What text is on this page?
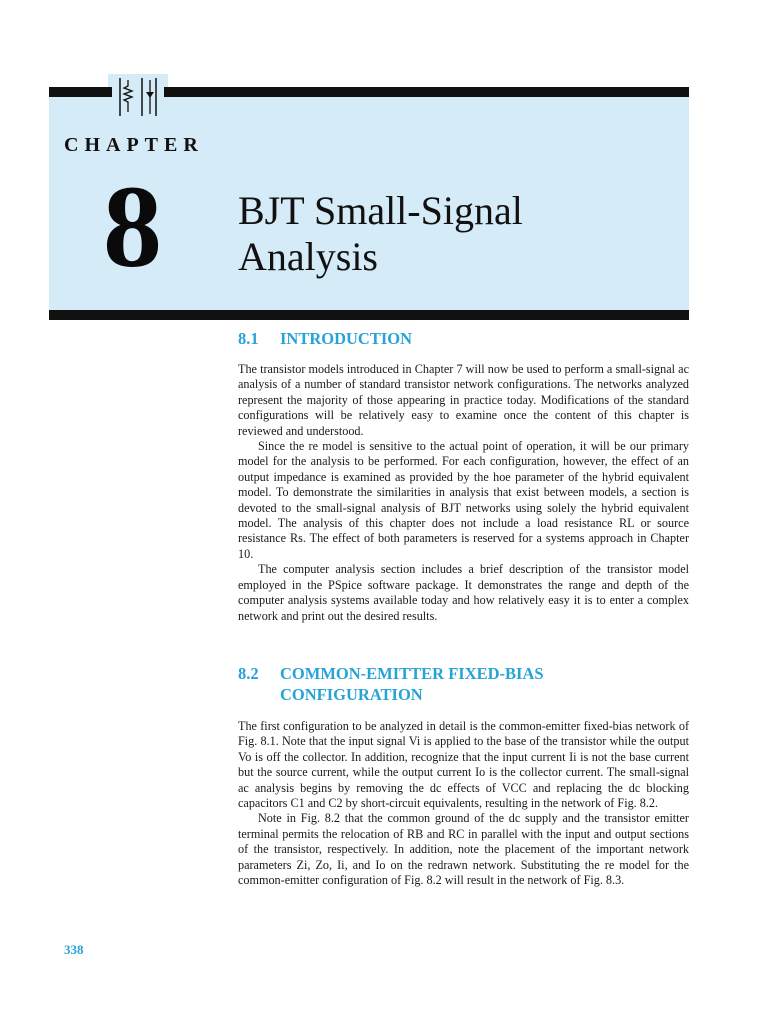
CHAPTER
8 BJT Small-Signal
Analysis
8.1 INTRODUCTION

The transistor models introduced in Chapter 7 will now be used to perform a small-signal ac analysis of a number of standard transistor network configurations. The networks analyzed represent the majority of those appearing in practice today. Modifications of the standard configurations will be relatively easy to examine once the content of this chapter is reviewed and understood.

Since the re model is sensitive to the actual point of operation, it will be our primary model for the analysis to be performed. For each configuration, however, the effect of an output impedance is examined as provided by the hoe parameter of the hybrid equivalent model. To demonstrate the similarities in analysis that exist between models, a section is devoted to the small-signal analysis of BJT networks using solely the hybrid equivalent model. The analysis of this chapter does not include a load resistance RL or source resistance Rs. The effect of both parameters is reserved for a systems approach in Chapter 10.

The computer analysis section includes a brief description of the transistor model employed in the PSpice software package. It demonstrates the range and depth of the computer analysis systems available today and how relatively easy it is to enter a complex network and print out the desired results.

8.2 COMMON-EMITTER FIXED-BIAS
CONFIGURATION

The first configuration to be analyzed in detail is the common-emitter fixed-bias network of Fig. 8.1. Note that the input signal Vi is applied to the base of the transistor while the output Vo is off the collector. In addition, recognize that the input current Ii is not the base current but the source current, while the output current Io is the collector current. The small-signal ac analysis begins by removing the dc effects of VCC and replacing the dc blocking capacitors C1 and C2 by short-circuit equivalents, resulting in the network of Fig. 8.2.

Note in Fig. 8.2 that the common ground of the dc supply and the transistor emitter terminal permits the relocation of RB and RC in parallel with the input and output sections of the transistor, respectively. In addition, note the placement of the important network parameters Zi, Zo, Ii, and Io on the redrawn network. Substituting the re model for the common-emitter configuration of Fig. 8.2 will result in the network of Fig. 8.3.

338
